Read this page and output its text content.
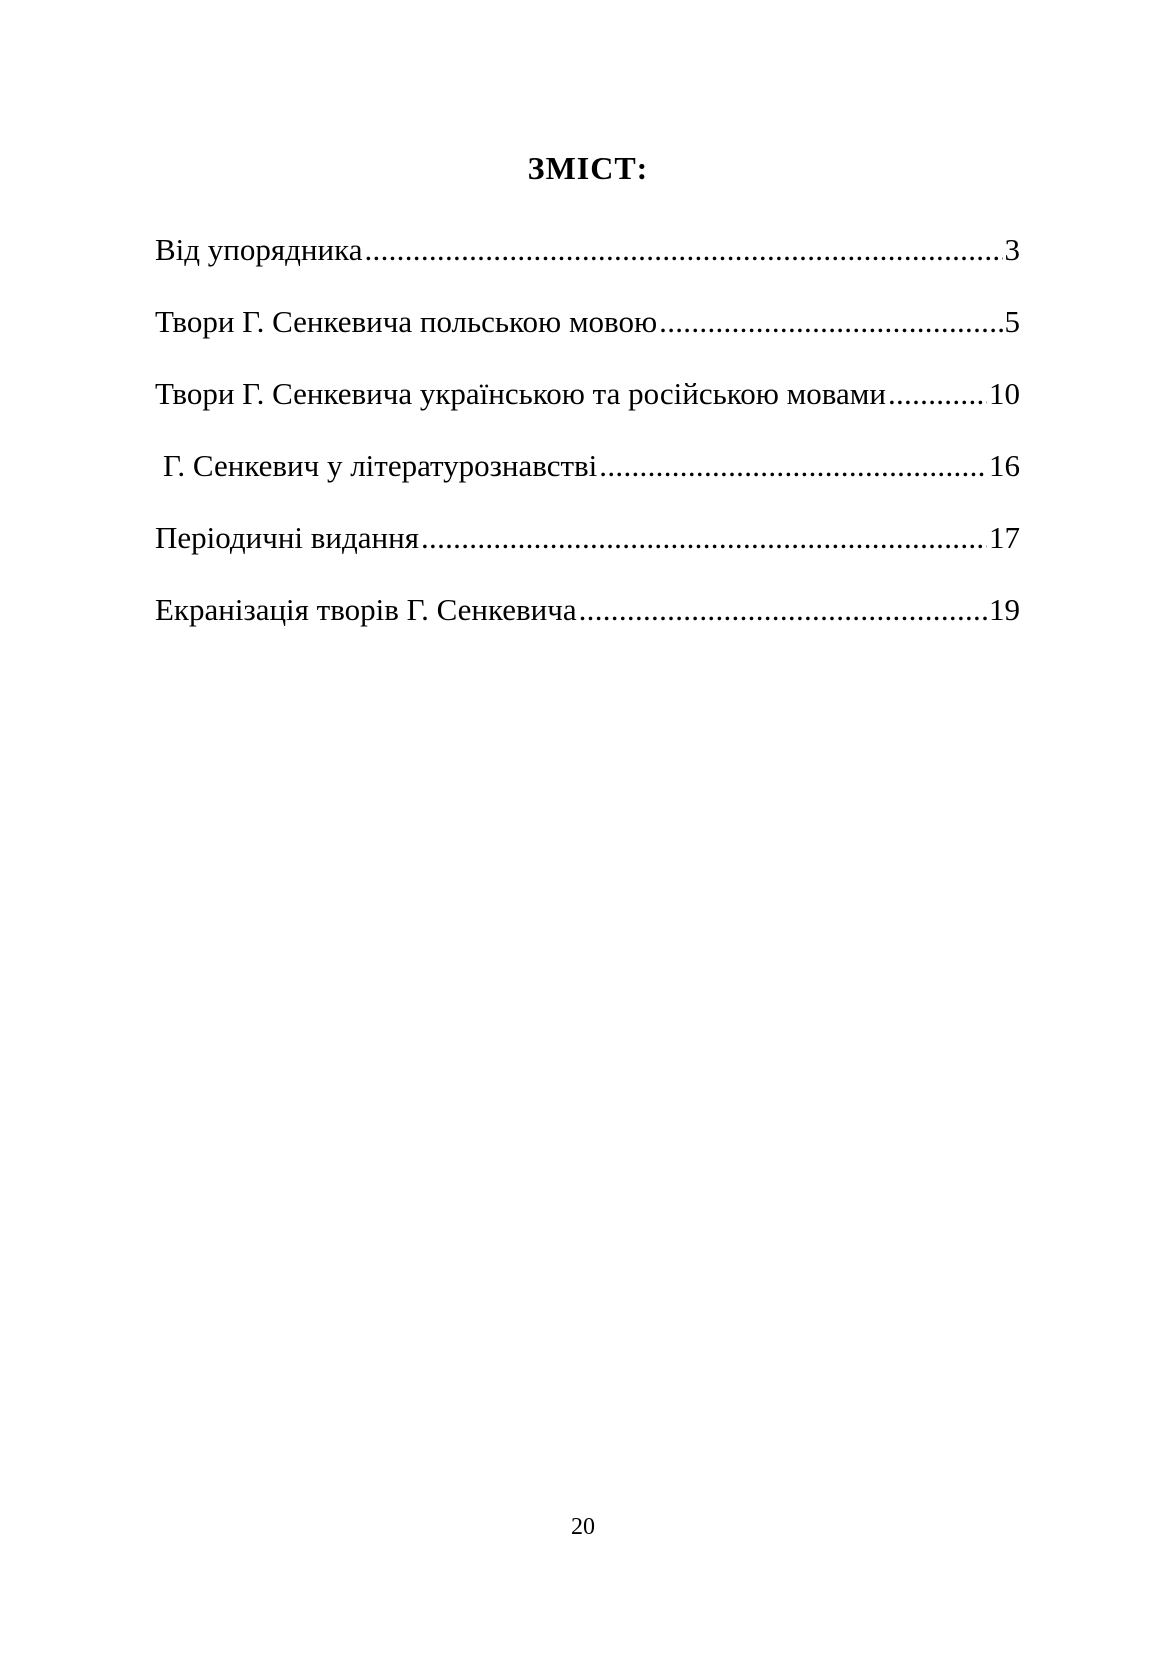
ЗМІСТ:
Від упорядника .....	3
Твори Г. Сенкевича польською мовою .....	5
Твори Г. Сенкевича українською та російською мовами .....	10
Г. Сенкевич у літературознавстві .....	16
Періодичні видання .....	17
Екранізація творів Г. Сенкевича .....	19
20
